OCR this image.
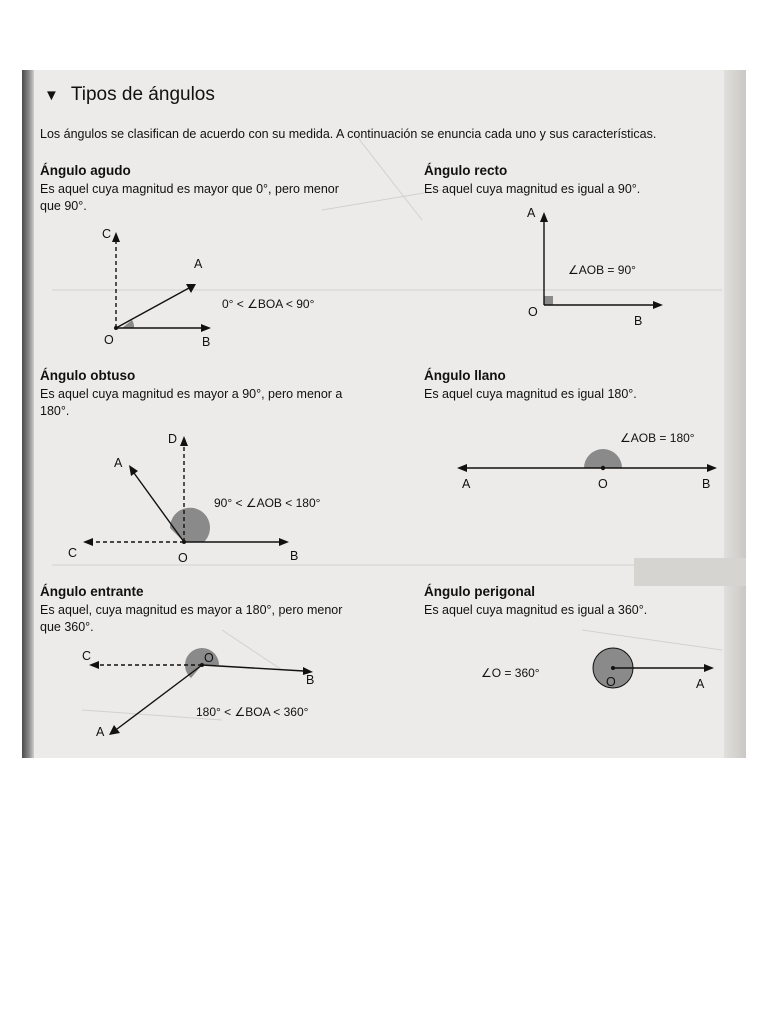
▼ Tipos de ángulos
Los ángulos se clasifican de acuerdo con su medida. A continuación se enuncia cada uno y sus características.
Ángulo agudo
Es aquel cuya magnitud es mayor que 0°, pero menor
que 90°.
C
A
O	B
0° < ∠BOA < 90°
Ángulo recto
Es aquel cuya magnitud es igual a 90°.
A
O
B
∠AOB = 90°
Ángulo obtuso
Es aquel cuya magnitud es mayor a 90°, pero menor a
180°.
D
A
C	O	B
90° < ∠AOB < 180°
Ángulo llano
Es aquel cuya magnitud es igual 180°.
∠AOB = 180°
A	O	B
Ángulo entrante
Es aquel, cuya magnitud es mayor a 180°, pero menor
que 360°.
C	O
B
A
180° < ∠BOA < 360°
Ángulo perigonal
Es aquel cuya magnitud es igual a 360°.
∠O = 360°
O	A
